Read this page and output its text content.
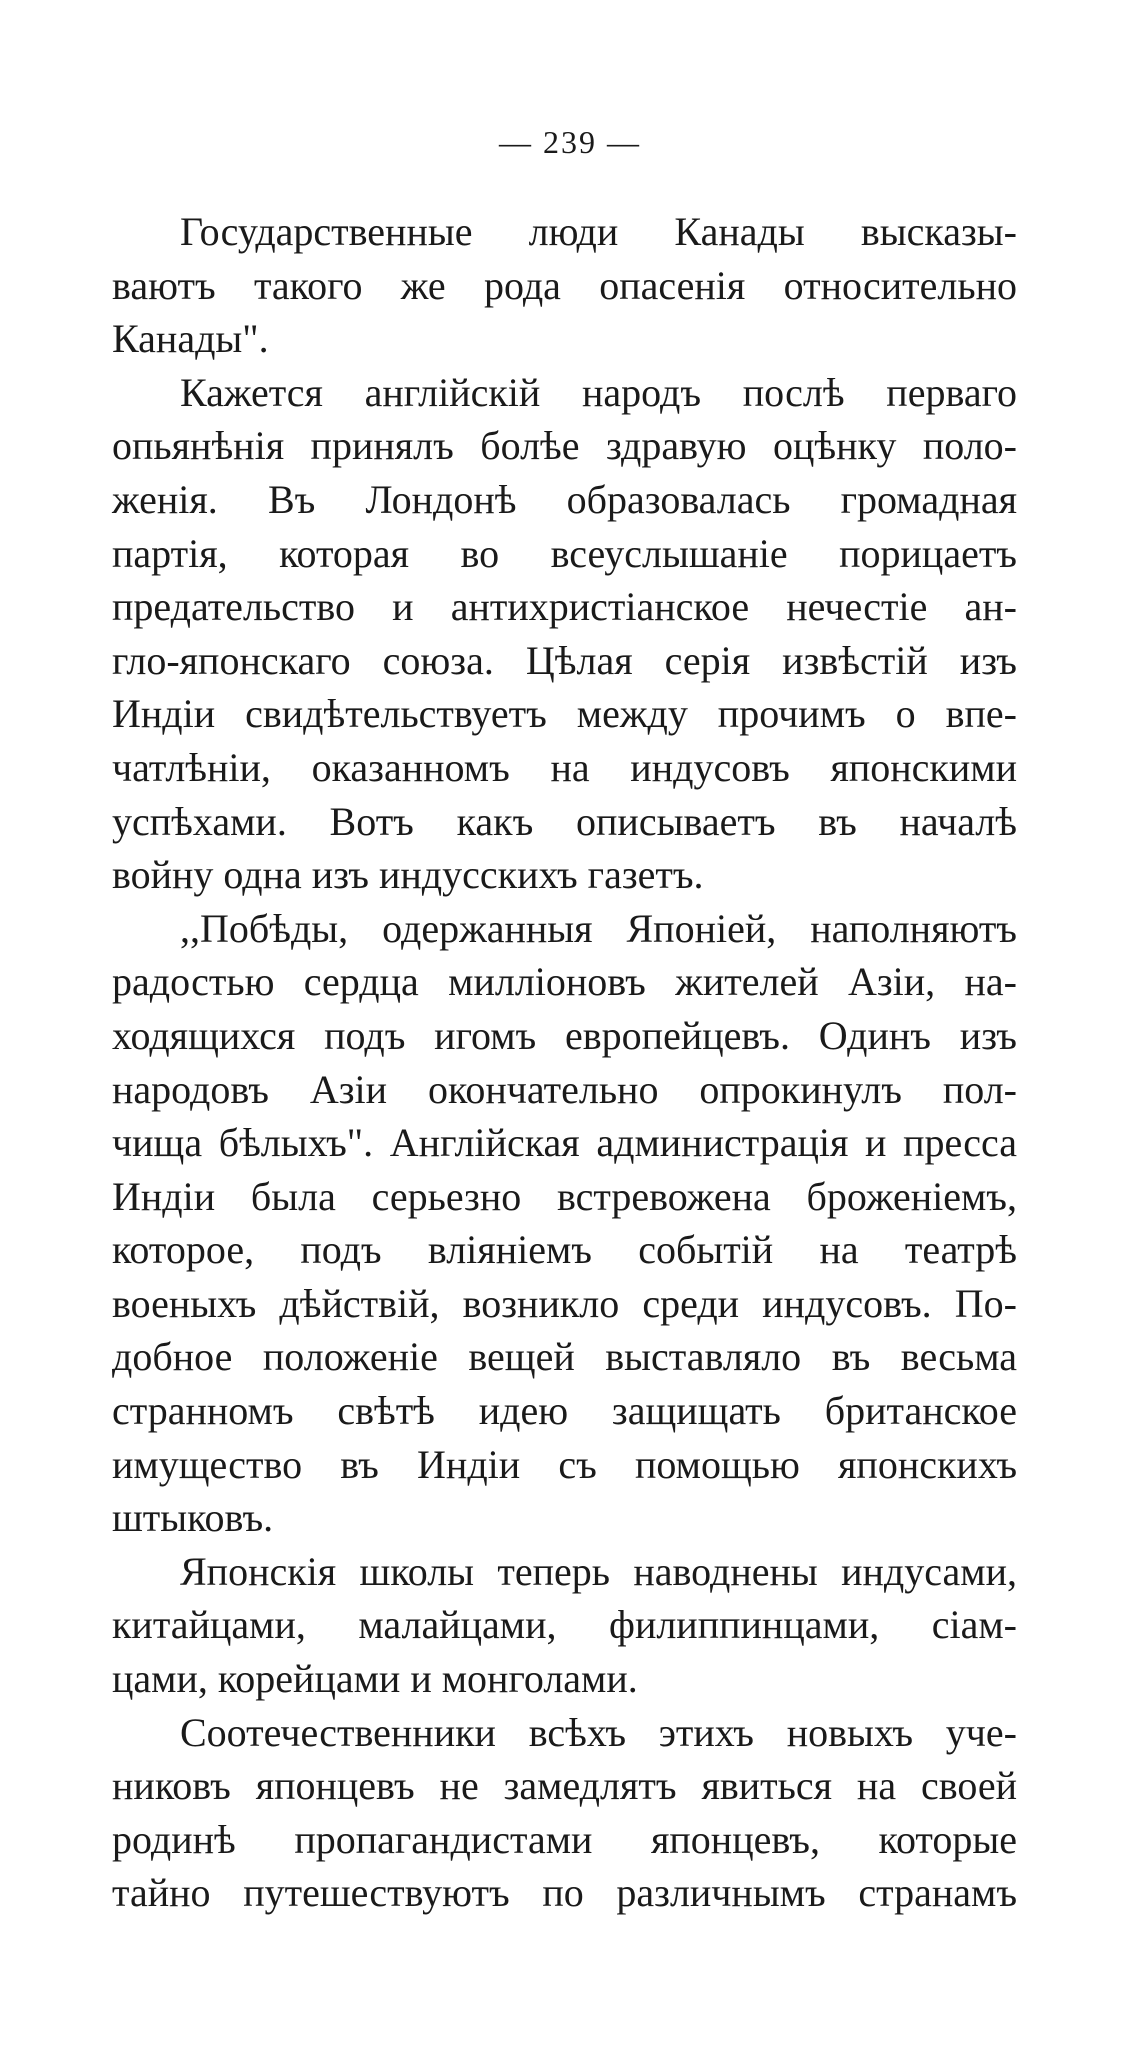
— 239 —
Государственные люди Канады высказы-
ваютъ такого же рода опасенія относительно
Канады".
Кажется англійскій народъ послѣ перваго
опьянѣнія принялъ болѣе здравую оцѣнку поло-
женія. Въ Лондонѣ образовалась громадная
партія, которая во всеуслышаніе порицаетъ
предательство и антихристіанское нечестіе ан-
гло-японскаго союза. Цѣлая серія извѣстій изъ
Индіи свидѣтельствуетъ между прочимъ о впе-
чатлѣніи, оказанномъ на индусовъ японскими
успѣхами. Вотъ какъ описываетъ въ началѣ
войну одна изъ индусскихъ газетъ.
,,Побѣды, одержанныя Японіей, наполняютъ
радостью сердца милліоновъ жителей Азіи, на-
ходящихся подъ игомъ европейцевъ. Одинъ изъ
народовъ Азіи окончательно опрокинулъ пол-
чища бѣлыхъ". Англійская администрація и пресса
Индіи была серьезно встревожена броженіемъ,
которое, подъ вліяніемъ событій на театрѣ
военыхъ дѣйствій, возникло среди индусовъ. По-
добное положеніе вещей выставляло въ весьма
странномъ свѣтѣ идею защищать британское
имущество въ Индіи съ помощью японскихъ
штыковъ.
Японскія школы теперь наводнены индусами,
китайцами, малайцами, филиппинцами, сіам-
цами, корейцами и монголами.
Соотечественники всѣхъ этихъ новыхъ уче-
никовъ японцевъ не замедлятъ явиться на своей
родинѣ пропагандистами японцевъ, которые
тайно путешествуютъ по различнымъ странамъ
